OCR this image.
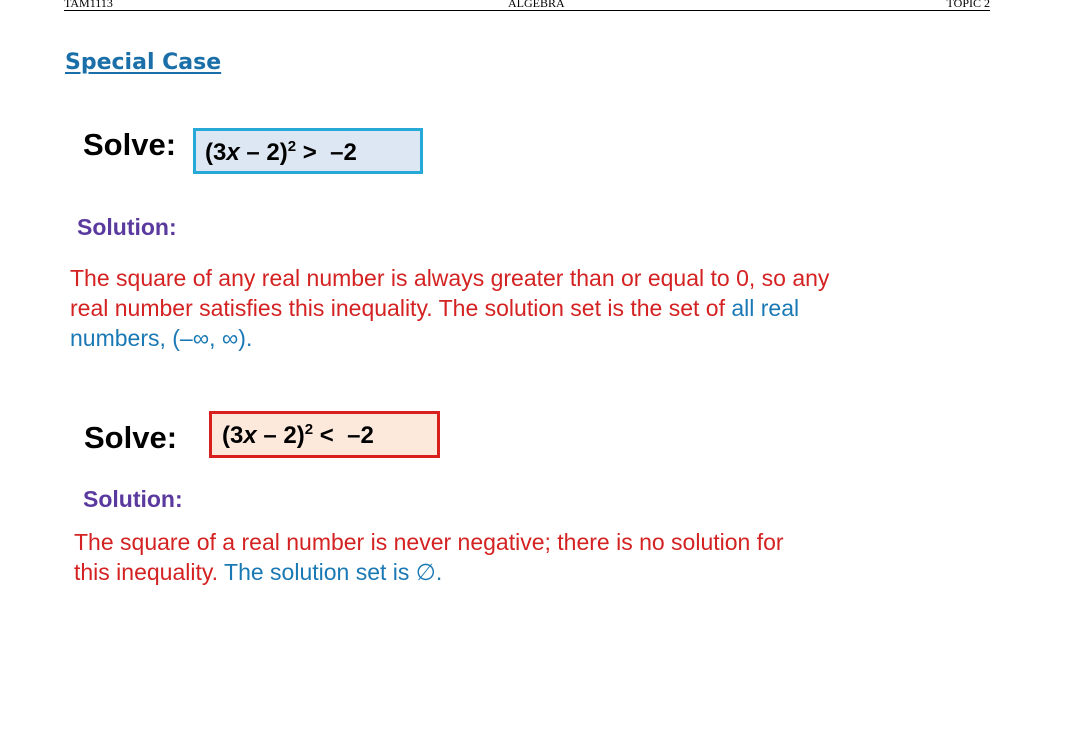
TAM1113	ALGEBRA	TOPIC 2
Special Case
Solve:	(3x – 2)$^2$ >  –2
Solution:
The square of any real number is always greater than or equal to 0, so any real number satisfies this inequality. The solution set is the set of all real numbers, (–∞, ∞).
Solve:	(3x – 2)$^2$ <  –2
Solution:
The square of a real number is never negative; there is no solution for this inequality. The solution set is ∅.
